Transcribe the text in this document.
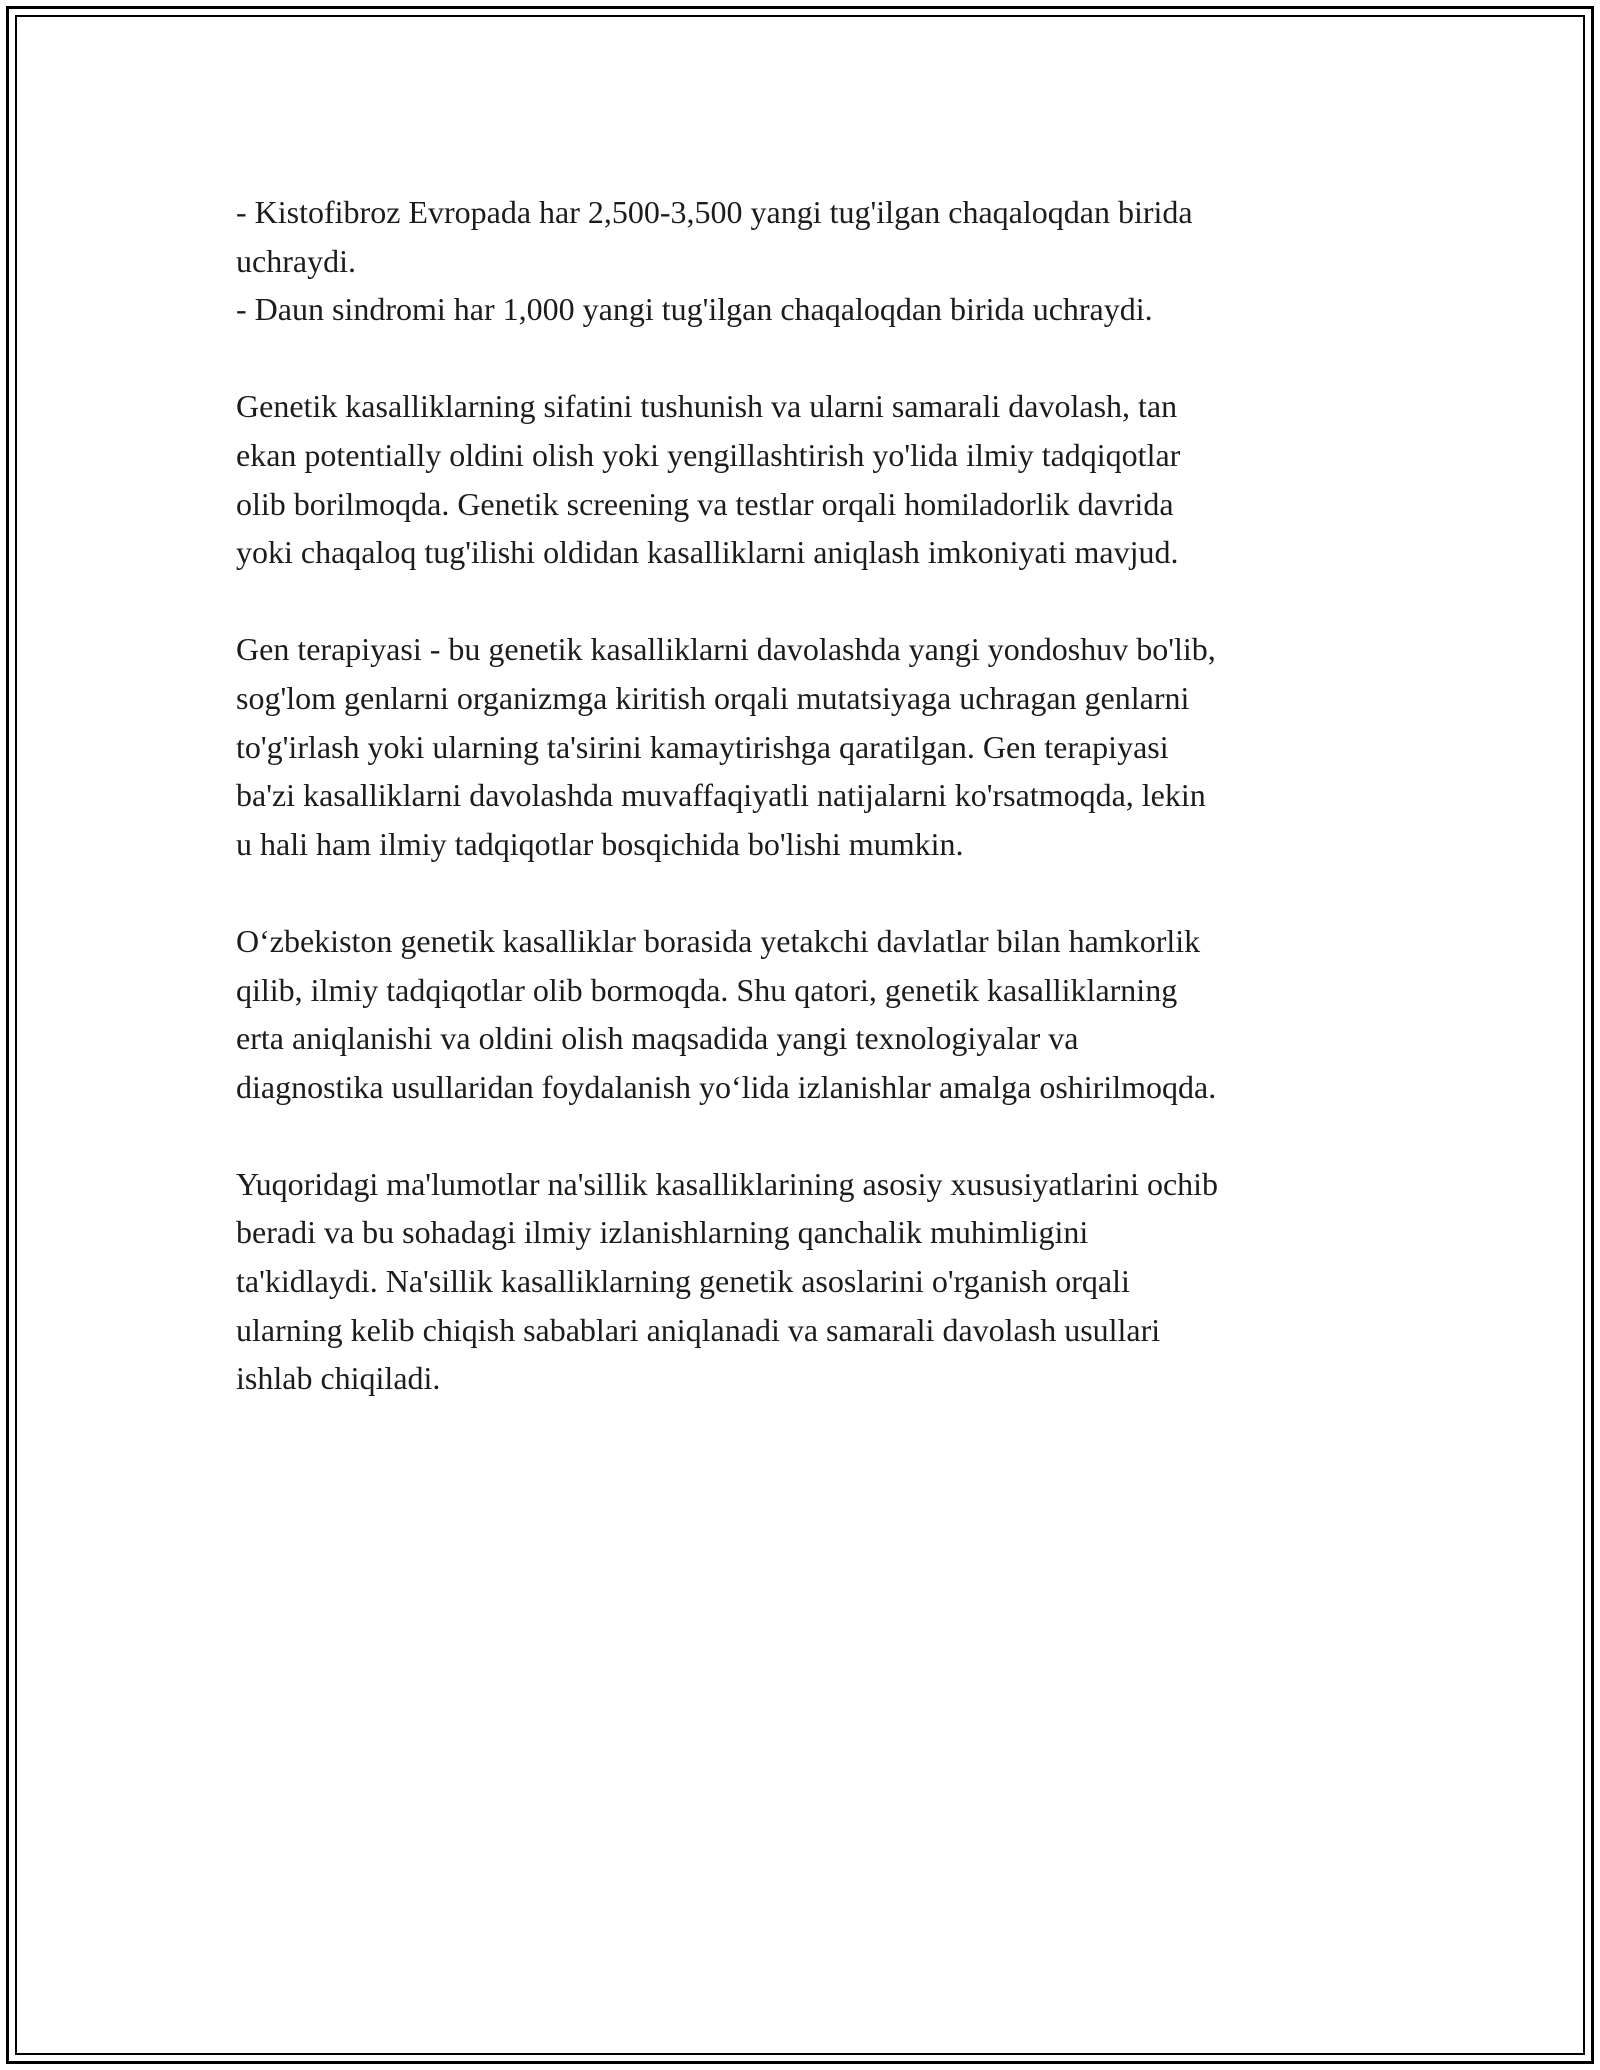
- Kistofibroz Evropada har 2,500-3,500 yangi tug'ilgan chaqaloqdan birida
uchraydi.
- Daun sindromi har 1,000 yangi tug'ilgan chaqaloqdan birida uchraydi.

Genetik kasalliklarning sifatini tushunish va ularni samarali davolash, tan
ekan potentially oldini olish yoki yengillashtirish yo'lida ilmiy tadqiqotlar
olib borilmoqda. Genetik screening va testlar orqali homiladorlik davrida
yoki chaqaloq tug'ilishi oldidan kasalliklarni aniqlash imkoniyati mavjud.

Gen terapiyasi - bu genetik kasalliklarni davolashda yangi yondoshuv bo'lib,
sog'lom genlarni organizmga kiritish orqali mutatsiyaga uchragan genlarni
to'g'irlash yoki ularning ta'sirini kamaytirishga qaratilgan. Gen terapiyasi
ba'zi kasalliklarni davolashda muvaffaqiyatli natijalarni ko'rsatmoqda, lekin
u hali ham ilmiy tadqiqotlar bosqichida bo'lishi mumkin.

O‘zbekiston genetik kasalliklar borasida yetakchi davlatlar bilan hamkorlik
qilib, ilmiy tadqiqotlar olib bormoqda. Shu qatori, genetik kasalliklarning
erta aniqlanishi va oldini olish maqsadida yangi texnologiyalar va
diagnostika usullaridan foydalanish yo‘lida izlanishlar amalga oshirilmoqda.

Yuqoridagi ma'lumotlar na'sillik kasalliklarining asosiy xususiyatlarini ochib
beradi va bu sohadagi ilmiy izlanishlarning qanchalik muhimligini
ta'kidlaydi. Na'sillik kasalliklarning genetik asoslarini o'rganish orqali
ularning kelib chiqish sabablari aniqlanadi va samarali davolash usullari
ishlab chiqiladi.
